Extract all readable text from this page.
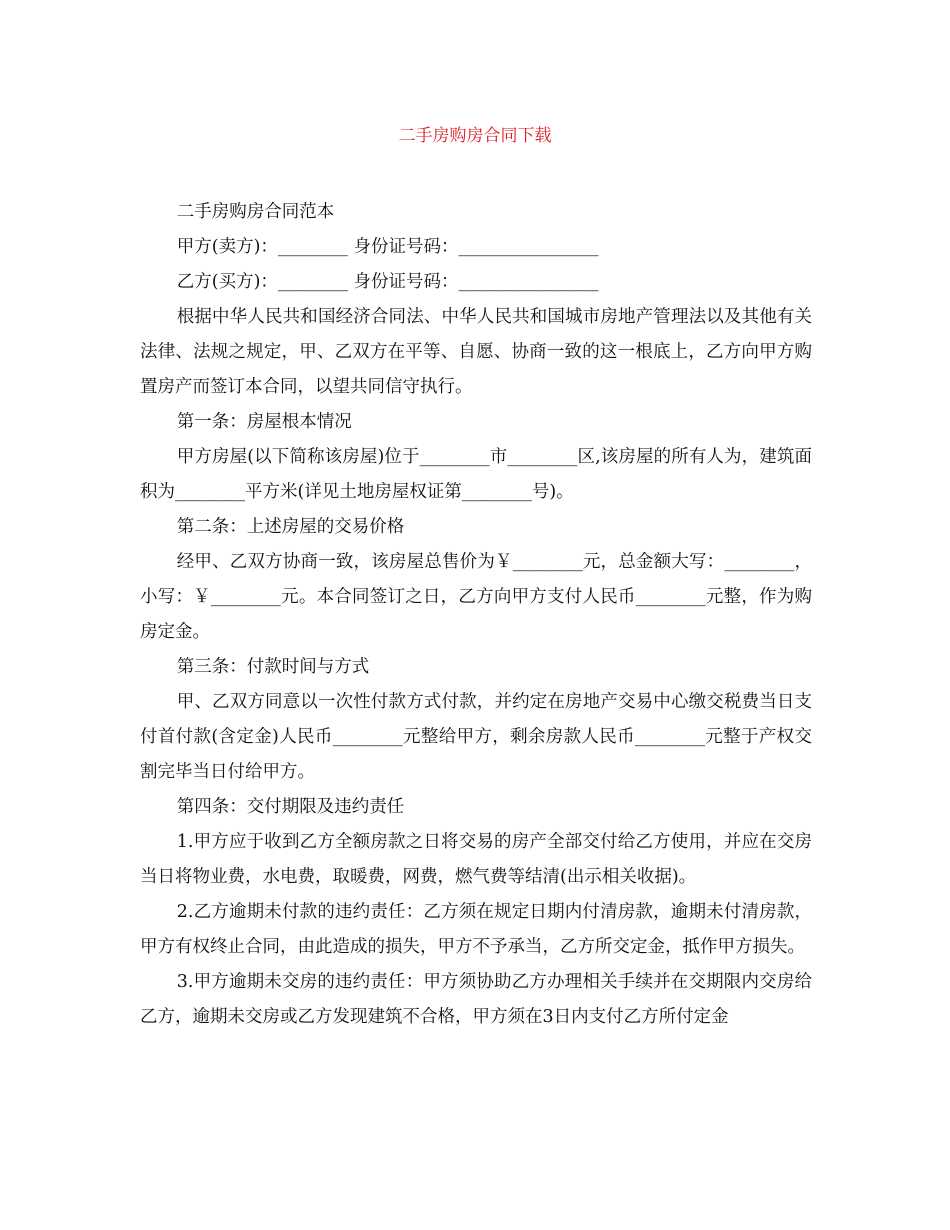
二手房购房合同下载

二手房购房合同范本

甲方(卖方)：________ 身份证号码：________________

乙方(买方)：________ 身份证号码：________________

根据中华人民共和国经济合同法、中华人民共和国城市房地产管理法以及其他有关法律、法规之规定，甲、乙双方在平等、自愿、协商一致的这一根底上，乙方向甲方购置房产而签订本合同，以望共同信守执行。

第一条：房屋根本情况

甲方房屋(以下简称该房屋)位于________市________区,该房屋的所有人为，建筑面积为________平方米(详见土地房屋权证第________号)。

第二条：上述房屋的交易价格

经甲、乙双方协商一致，该房屋总售价为￥________元，总金额大写：________，小写：￥________元。本合同签订之日，乙方向甲方支付人民币________元整，作为购房定金。

第三条：付款时间与方式

甲、乙双方同意以一次性付款方式付款，并约定在房地产交易中心缴交税费当日支付首付款(含定金)人民币________元整给甲方，剩余房款人民币________元整于产权交割完毕当日付给甲方。

第四条：交付期限及违约责任

1.甲方应于收到乙方全额房款之日将交易的房产全部交付给乙方使用，并应在交房当日将物业费，水电费，取暖费，网费，燃气费等结清(出示相关收据)。

2.乙方逾期未付款的违约责任：乙方须在规定日期内付清房款，逾期未付清房款，甲方有权终止合同，由此造成的损失，甲方不予承当，乙方所交定金，抵作甲方损失。

3.甲方逾期未交房的违约责任：甲方须协助乙方办理相关手续并在交期限内交房给乙方，逾期未交房或乙方发现建筑不合格，甲方须在3日内支付乙方所付定金
